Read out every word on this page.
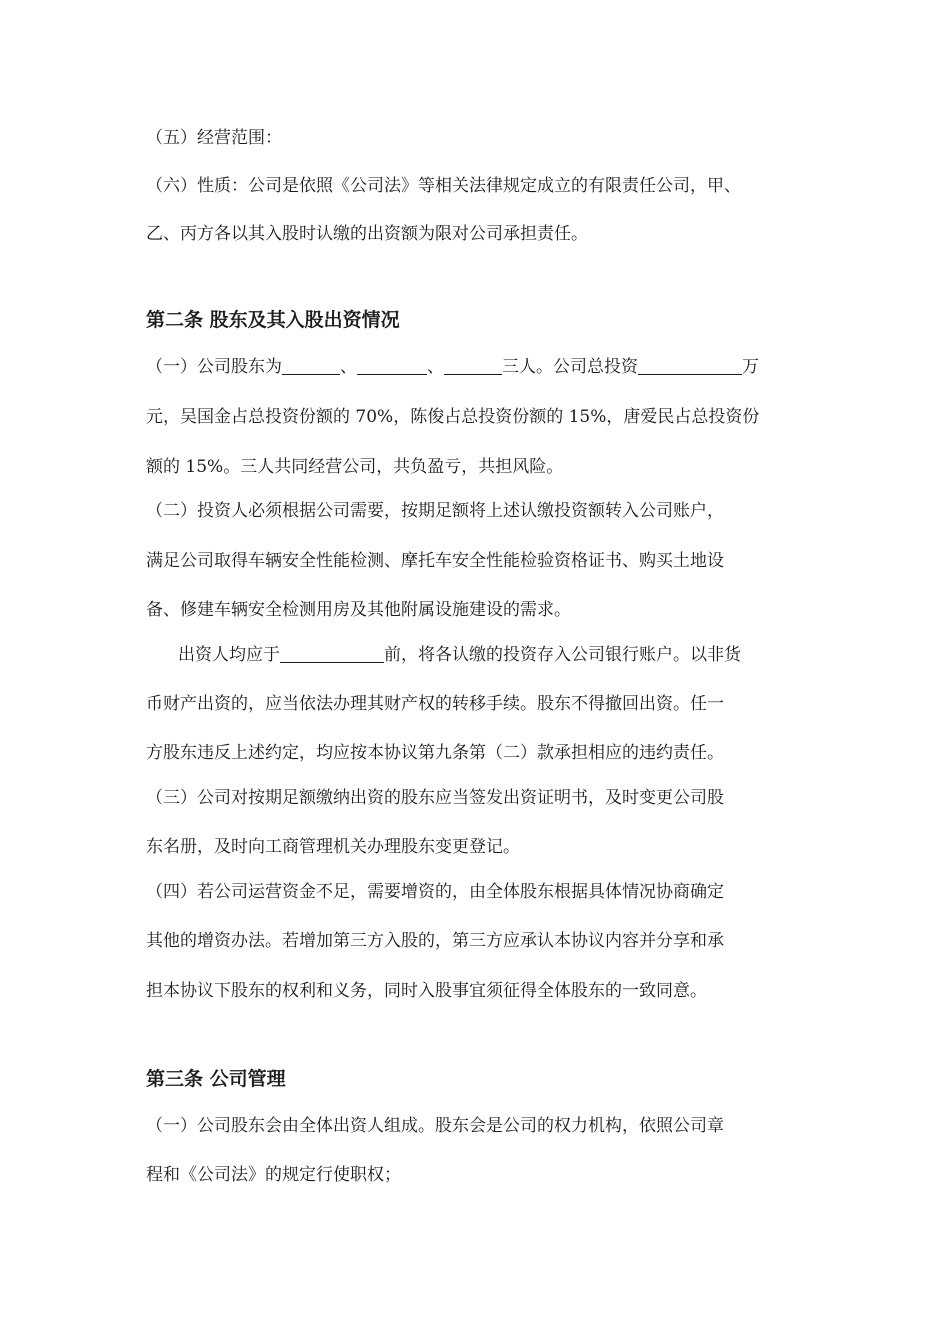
（五）经营范围：
（六）性质：公司是依照《公司法》等相关法律规定成立的有限责任公司，甲、
乙、丙方各以其入股时认缴的出资额为限对公司承担责任。
第二条 股东及其入股出资情况
（一）公司股东为	、	、	三人。公司总投资	万
元，吴国金占总投资份额的 70%，陈俊占总投资份额的 15%，唐爱民占总投资份
额的 15%。三人共同经营公司，共负盈亏，共担风险。
（二）投资人必须根据公司需要，按期足额将上述认缴投资额转入公司账户，
满足公司取得车辆安全性能检测、摩托车安全性能检验资格证书、购买土地设
备、修建车辆安全检测用房及其他附属设施建设的需求。
出资人均应于	前，将各认缴的投资存入公司银行账户。以非货
币财产出资的，应当依法办理其财产权的转移手续。股东不得撤回出资。任一
方股东违反上述约定，均应按本协议第九条第（二）款承担相应的违约责任。
（三）公司对按期足额缴纳出资的股东应当签发出资证明书，及时变更公司股
东名册，及时向工商管理机关办理股东变更登记。
（四）若公司运营资金不足，需要增资的，由全体股东根据具体情况协商确定
其他的增资办法。若增加第三方入股的，第三方应承认本协议内容并分享和承
担本协议下股东的权利和义务，同时入股事宜须征得全体股东的一致同意。
第三条 公司管理
（一）公司股东会由全体出资人组成。股东会是公司的权力机构，依照公司章
程和《公司法》的规定行使职权；
